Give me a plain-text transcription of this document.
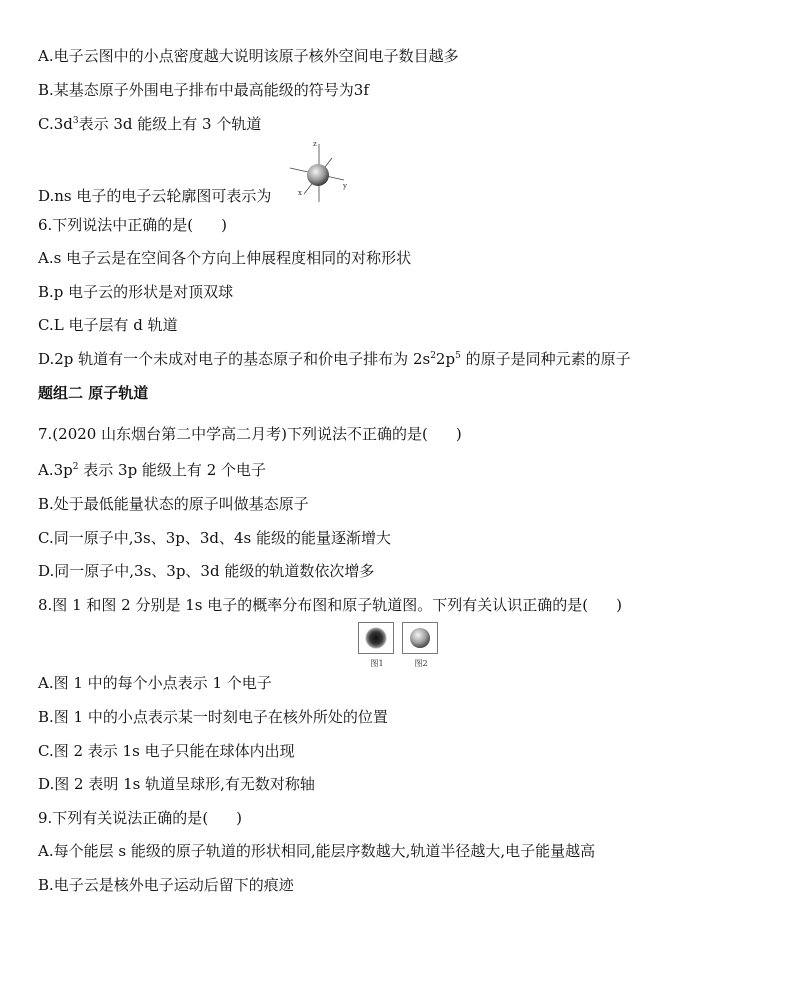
A.电子云图中的小点密度越大说明该原子核外空间电子数目越多
B.某基态原子外围电子排布中最高能级的符号为3f
$C.3d^3$表示 3d 能级上有 3 个轨道
D.ns 电子的电子云轮廓图可表示为
z
y
x
6.下列说法中正确的是( )
A.s 电子云是在空间各个方向上伸展程度相同的对称形状
B.p 电子云的形状是对顶双球
C.L 电子层有 d 轨道
D.2p 轨道有一个未成对电子的基态原子和价电子排布为 $2s^22p^5$ 的原子是同种元素的原子
题组二 原子轨道
7.(2020 山东烟台第二中学高二月考)下列说法不正确的是( )
$A.3p^2$ 表示 3p 能级上有 2 个电子
B.处于最低能量状态的原子叫做基态原子
C.同一原子中,3s、3p、3d、4s 能级的能量逐渐增大
D.同一原子中,3s、3p、3d 能级的轨道数依次增多
8.图 1 和图 2 分别是 1s 电子的概率分布图和原子轨道图。下列有关认识正确的是( )
图1	图2
A.图 1 中的每个小点表示 1 个电子
B.图 1 中的小点表示某一时刻电子在核外所处的位置
C.图 2 表示 1s 电子只能在球体内出现
D.图 2 表明 1s 轨道呈球形,有无数对称轴
9.下列有关说法正确的是( )
A.每个能层 s 能级的原子轨道的形状相同,能层序数越大,轨道半径越大,电子能量越高
B.电子云是核外电子运动后留下的痕迹
